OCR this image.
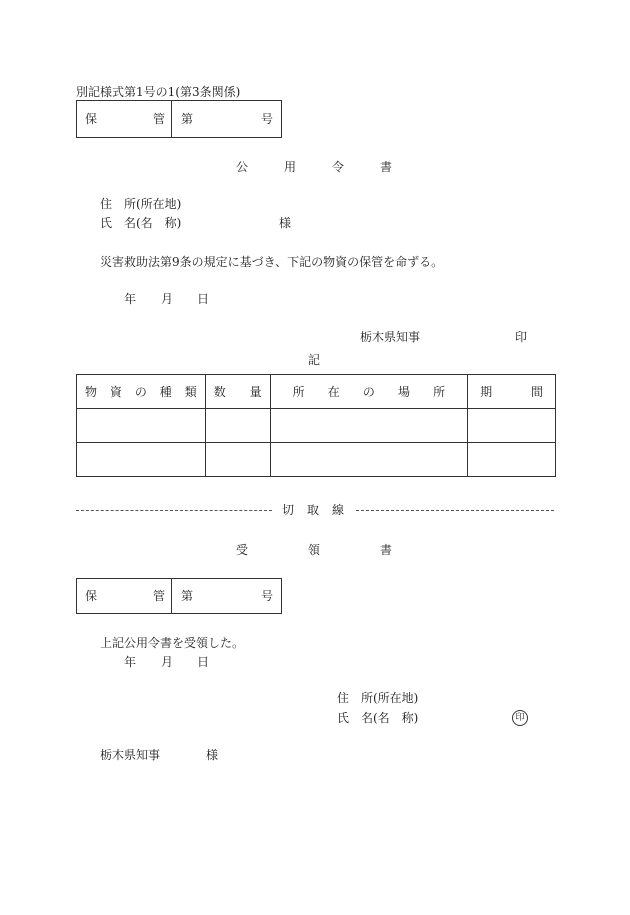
別記様式第1号の1(第3条関係)
保	管 第	号
公	用	令	書
住　所(所在地)
氏　名(名　称)	様
災害救助法第9条の規定に基づき、下記の物資の保管を命ずる。
年 月 日
栃木県知事	印
記
物 資 の 種 類	数 量	所 在 の 場 所	期 間

切 取 線
受	領	書
保	管 第	号
上記公用令書を受領した。
年 月 日
住　所(所在地)
氏　名(名　称)	印
栃木県知事	様
